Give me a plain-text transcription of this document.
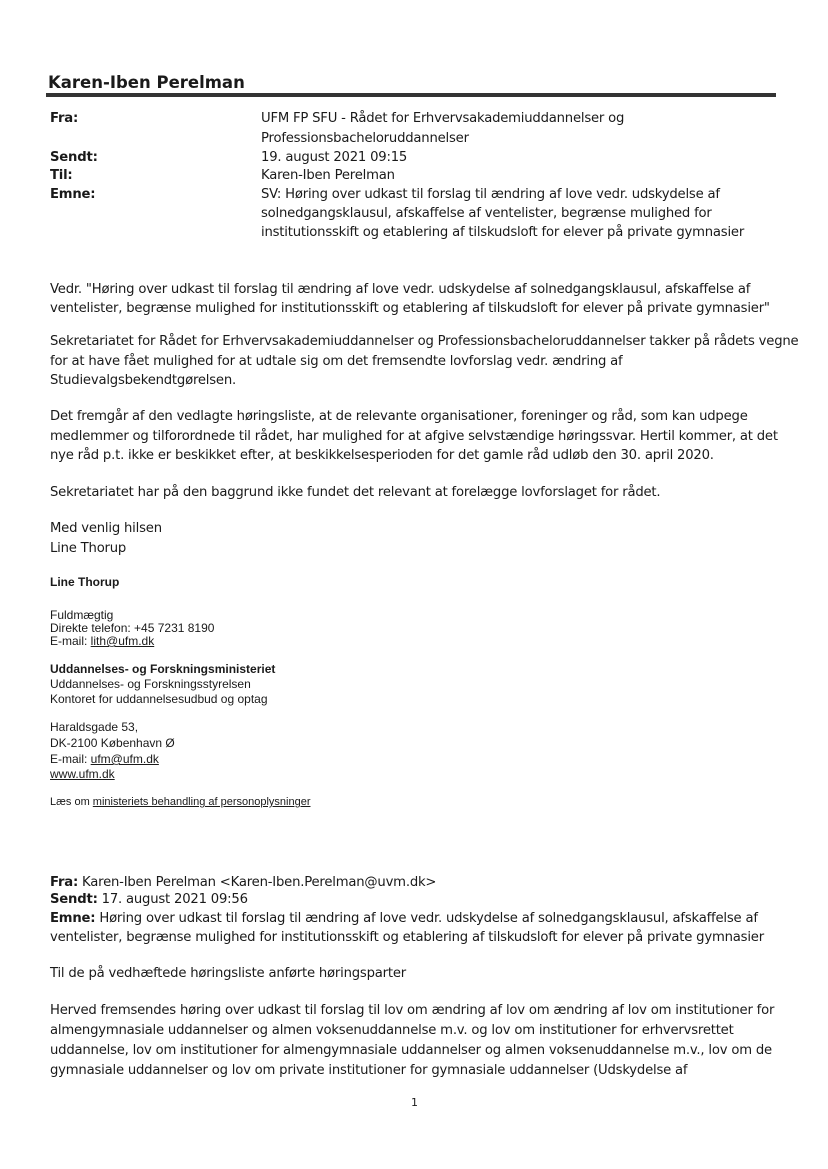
Karen-Iben Perelman
Fra:	UFM FP SFU - Rådet for Erhvervsakademiuddannelser og
Professionsbacheloruddannelser
Sendt:	19. august 2021 09:15
Til:	Karen-Iben Perelman
Emne:	SV: Høring over udkast til forslag til ændring af love vedr. udskydelse af
solnedgangsklausul, afskaffelse af ventelister, begrænse mulighed for
institutionsskift og etablering af tilskudsloft for elever på private gymnasier
Vedr. "Høring over udkast til forslag til ændring af love vedr. udskydelse af solnedgangsklausul, afskaffelse af
ventelister, begrænse mulighed for institutionsskift og etablering af tilskudsloft for elever på private gymnasier"
Sekretariatet for Rådet for Erhvervsakademiuddannelser og Professionsbacheloruddannelser takker på rådets vegne
for at have fået mulighed for at udtale sig om det fremsendte lovforslag vedr. ændring af
Studievalgsbekendtgørelsen.
Det fremgår af den vedlagte høringsliste, at de relevante organisationer, foreninger og råd, som kan udpege
medlemmer og tilforordnede til rådet, har mulighed for at afgive selvstændige høringssvar. Hertil kommer, at det
nye råd p.t. ikke er beskikket efter, at beskikkelsesperioden for det gamle råd udløb den 30. april 2020.
Sekretariatet har på den baggrund ikke fundet det relevant at forelægge lovforslaget for rådet.
Med venlig hilsen
Line Thorup
Line Thorup
Fuldmægtig
Direkte telefon: +45 7231 8190
E-mail: lith@ufm.dk
Uddannelses- og Forskningsministeriet
Uddannelses- og Forskningsstyrelsen
Kontoret for uddannelsesudbud og optag
Haraldsgade 53,
DK-2100 København Ø
E-mail: ufm@ufm.dk
www.ufm.dk
Læs om ministeriets behandling af personoplysninger
Fra: Karen-Iben Perelman <Karen-Iben.Perelman@uvm.dk>
Sendt: 17. august 2021 09:56
Emne: Høring over udkast til forslag til ændring af love vedr. udskydelse af solnedgangsklausul, afskaffelse af
ventelister, begrænse mulighed for institutionsskift og etablering af tilskudsloft for elever på private gymnasier
Til de på vedhæftede høringsliste anførte høringsparter
Herved fremsendes høring over udkast til forslag til lov om ændring af lov om ændring af lov om institutioner for
almengymnasiale uddannelser og almen voksenuddannelse m.v. og lov om institutioner for erhvervsrettet
uddannelse, lov om institutioner for almengymnasiale uddannelser og almen voksenuddannelse m.v., lov om de
gymnasiale uddannelser og lov om private institutioner for gymnasiale uddannelser (Udskydelse af
1
